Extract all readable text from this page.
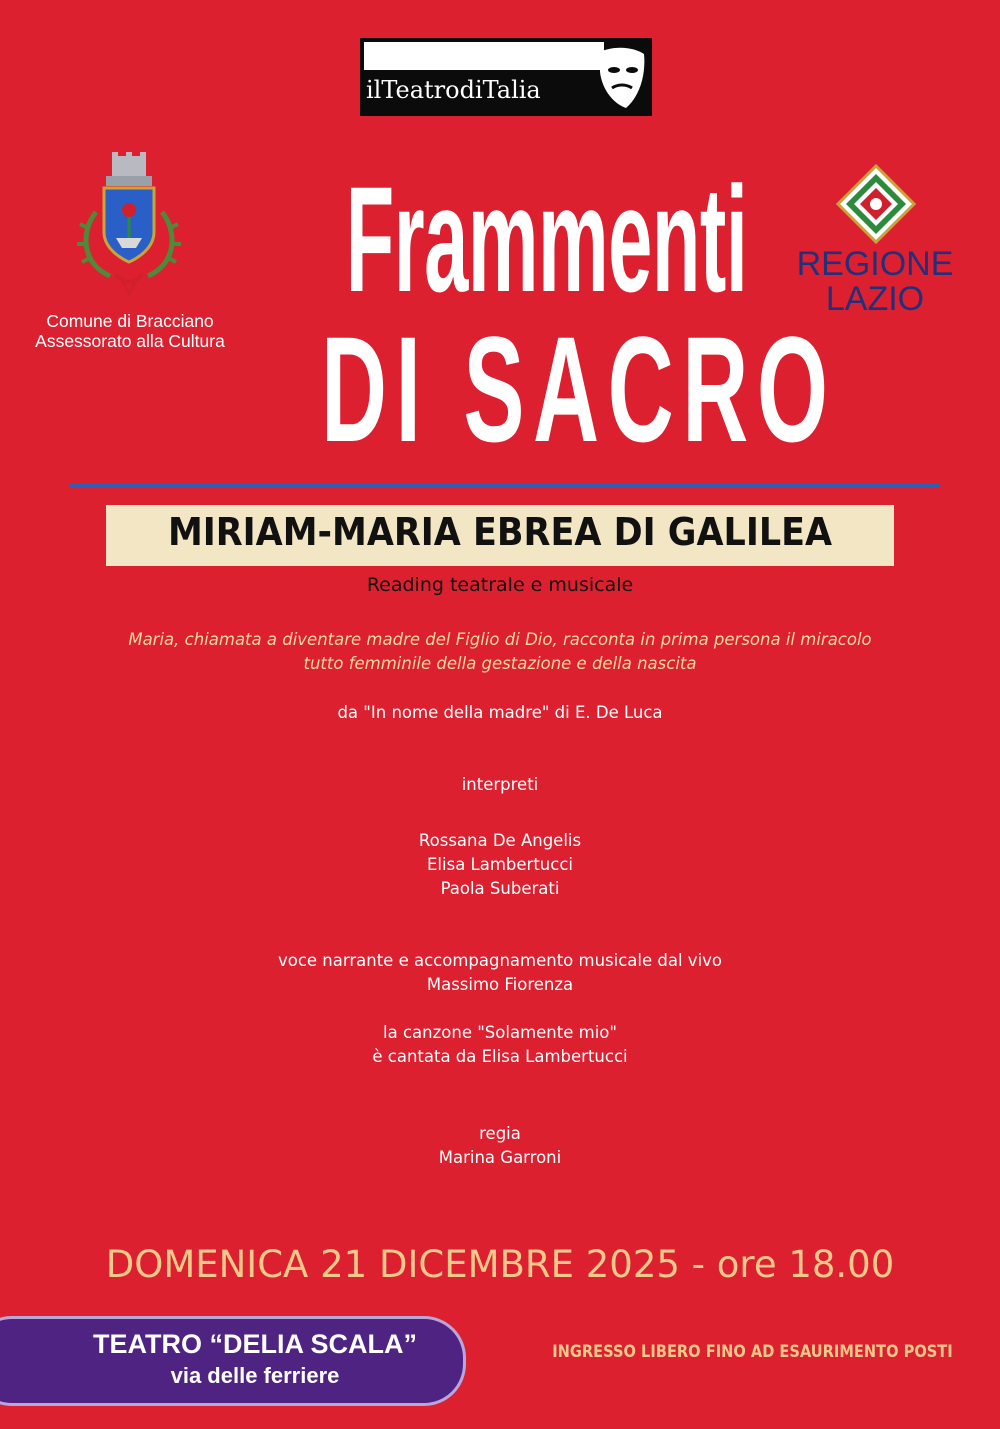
ilTeatrodiTalia
Comune di Bracciano
Assessorato alla Cultura
Frammenti
DI SACRO
REGIONE
LAZIO
MIRIAM-MARIA EBREA DI GALILEA
Reading teatrale e musicale
Maria, chiamata a diventare madre del Figlio di Dio, racconta in prima persona il miracolo
tutto femminile della gestazione e della nascita
da "In nome della madre" di E. De Luca
interpreti
Rossana De Angelis
Elisa Lambertucci
Paola Suberati
voce narrante e accompagnamento musicale dal vivo
Massimo Fiorenza
la canzone "Solamente mio"
è cantata da Elisa Lambertucci
regia
Marina Garroni
DOMENICA 21 DICEMBRE 2025 - ore 18.00
TEATRO “DELIA SCALA”
via delle ferriere
INGRESSO LIBERO FINO AD ESAURIMENTO POSTI
